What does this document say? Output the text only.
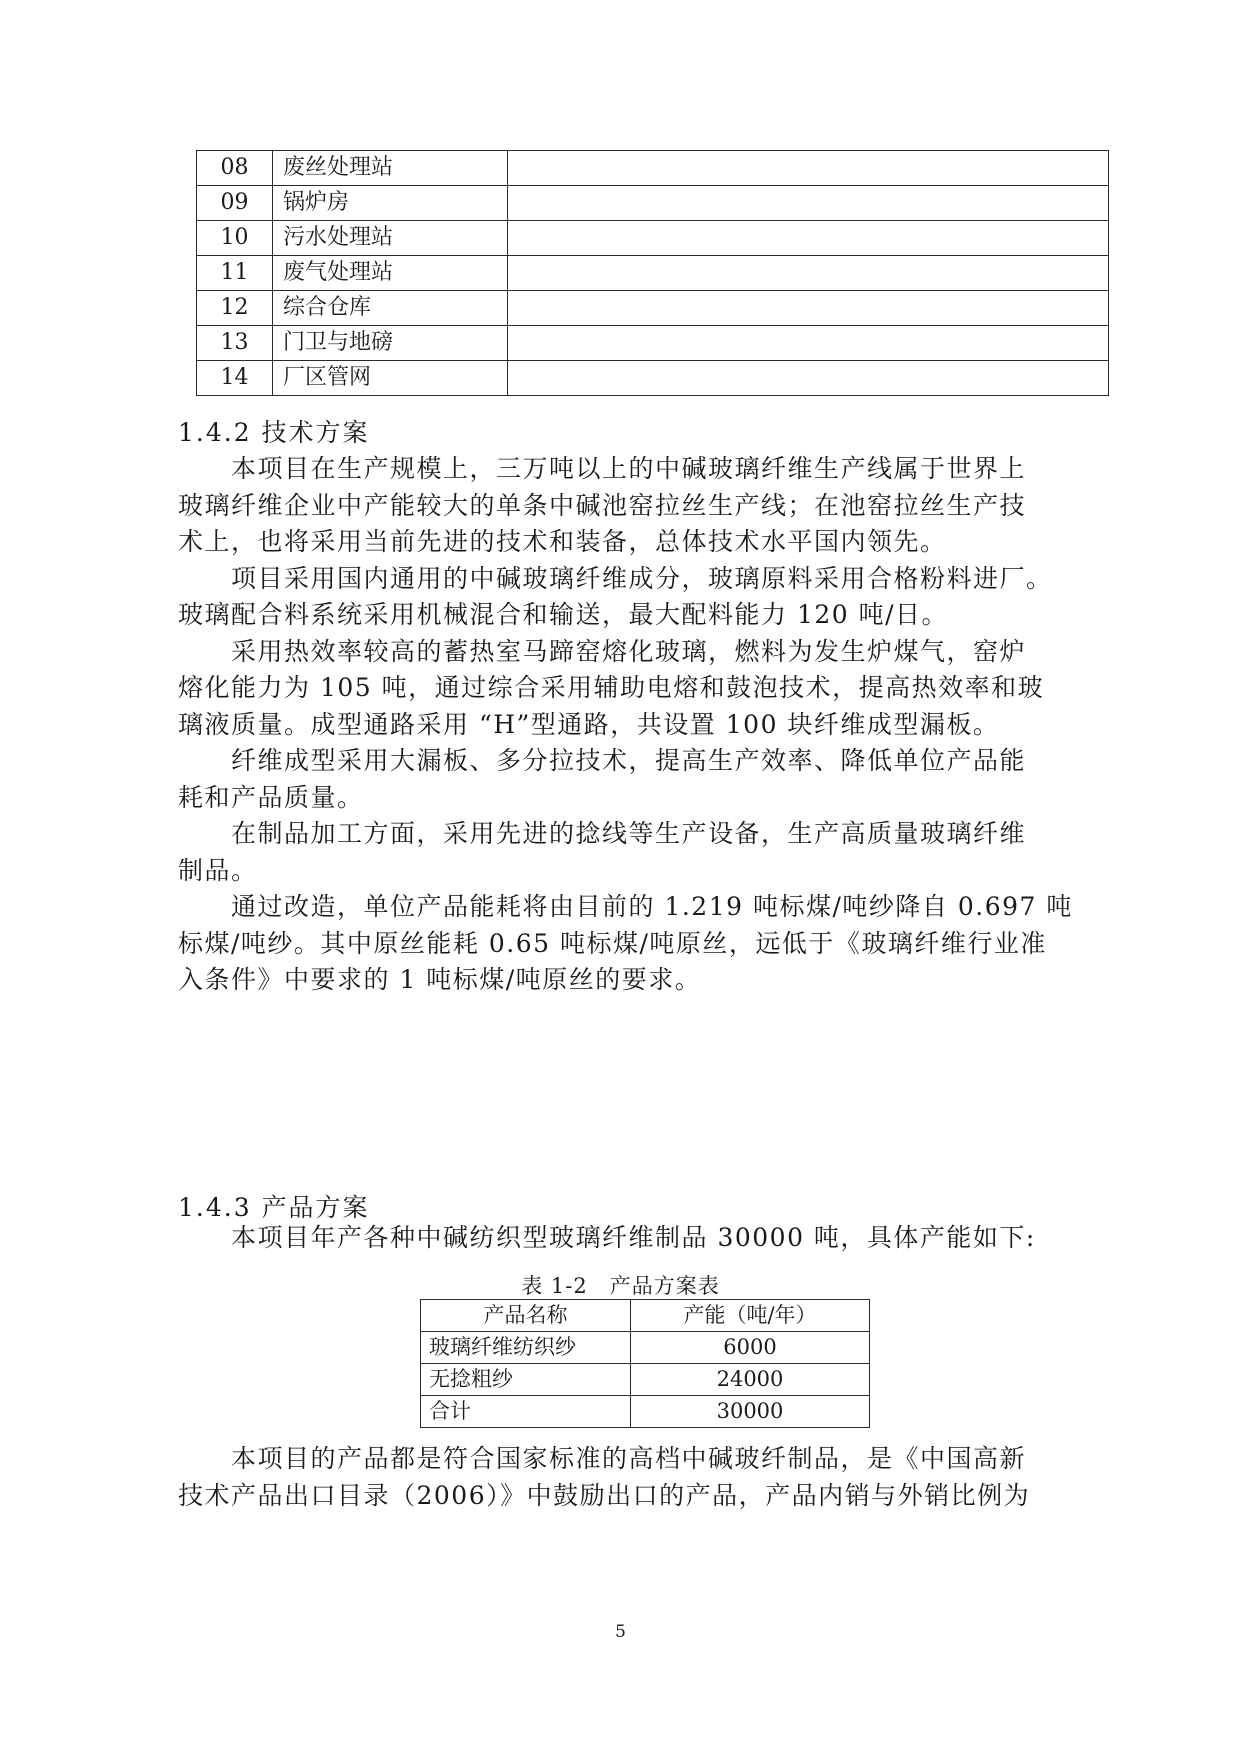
08	废丝处理站	
09	锅炉房	
10	污水处理站	
11	废气处理站	
12	综合仓库	
13	门卫与地磅	
14	厂区管网	
1.4.2 技术方案
　　本项目在生产规模上，三万吨以上的中碱玻璃纤维生产线属于世界上
玻璃纤维企业中产能较大的单条中碱池窑拉丝生产线；在池窑拉丝生产技
术上，也将采用当前先进的技术和装备，总体技术水平国内领先。
　　项目采用国内通用的中碱玻璃纤维成分，玻璃原料采用合格粉料进厂。
玻璃配合料系统采用机械混合和输送，最大配料能力 120 吨/日。
　　采用热效率较高的蓄热室马蹄窑熔化玻璃，燃料为发生炉煤气，窑炉
熔化能力为 105 吨，通过综合采用辅助电熔和鼓泡技术，提高热效率和玻
璃液质量。成型通路采用 “H”型通路，共设置 100 块纤维成型漏板。
　　纤维成型采用大漏板、多分拉技术，提高生产效率、降低单位产品能
耗和产品质量。
　　在制品加工方面，采用先进的捻线等生产设备，生产高质量玻璃纤维
制品。
　　通过改造，单位产品能耗将由目前的 1.219 吨标煤/吨纱降自 0.697 吨
标煤/吨纱。其中原丝能耗 0.65 吨标煤/吨原丝，远低于《玻璃纤维行业准
入条件》中要求的 1 吨标煤/吨原丝的要求。
1.4.3 产品方案
　　本项目年产各种中碱纺织型玻璃纤维制品 30000 吨，具体产能如下:
表 1-2　产品方案表
产品名称	产能（吨/年）
玻璃纤维纺织纱	6000
无捻粗纱	24000
合计	30000
　　本项目的产品都是符合国家标准的高档中碱玻纤制品，是《中国高新
技术产品出口目录（2006）》中鼓励出口的产品，产品内销与外销比例为
5
